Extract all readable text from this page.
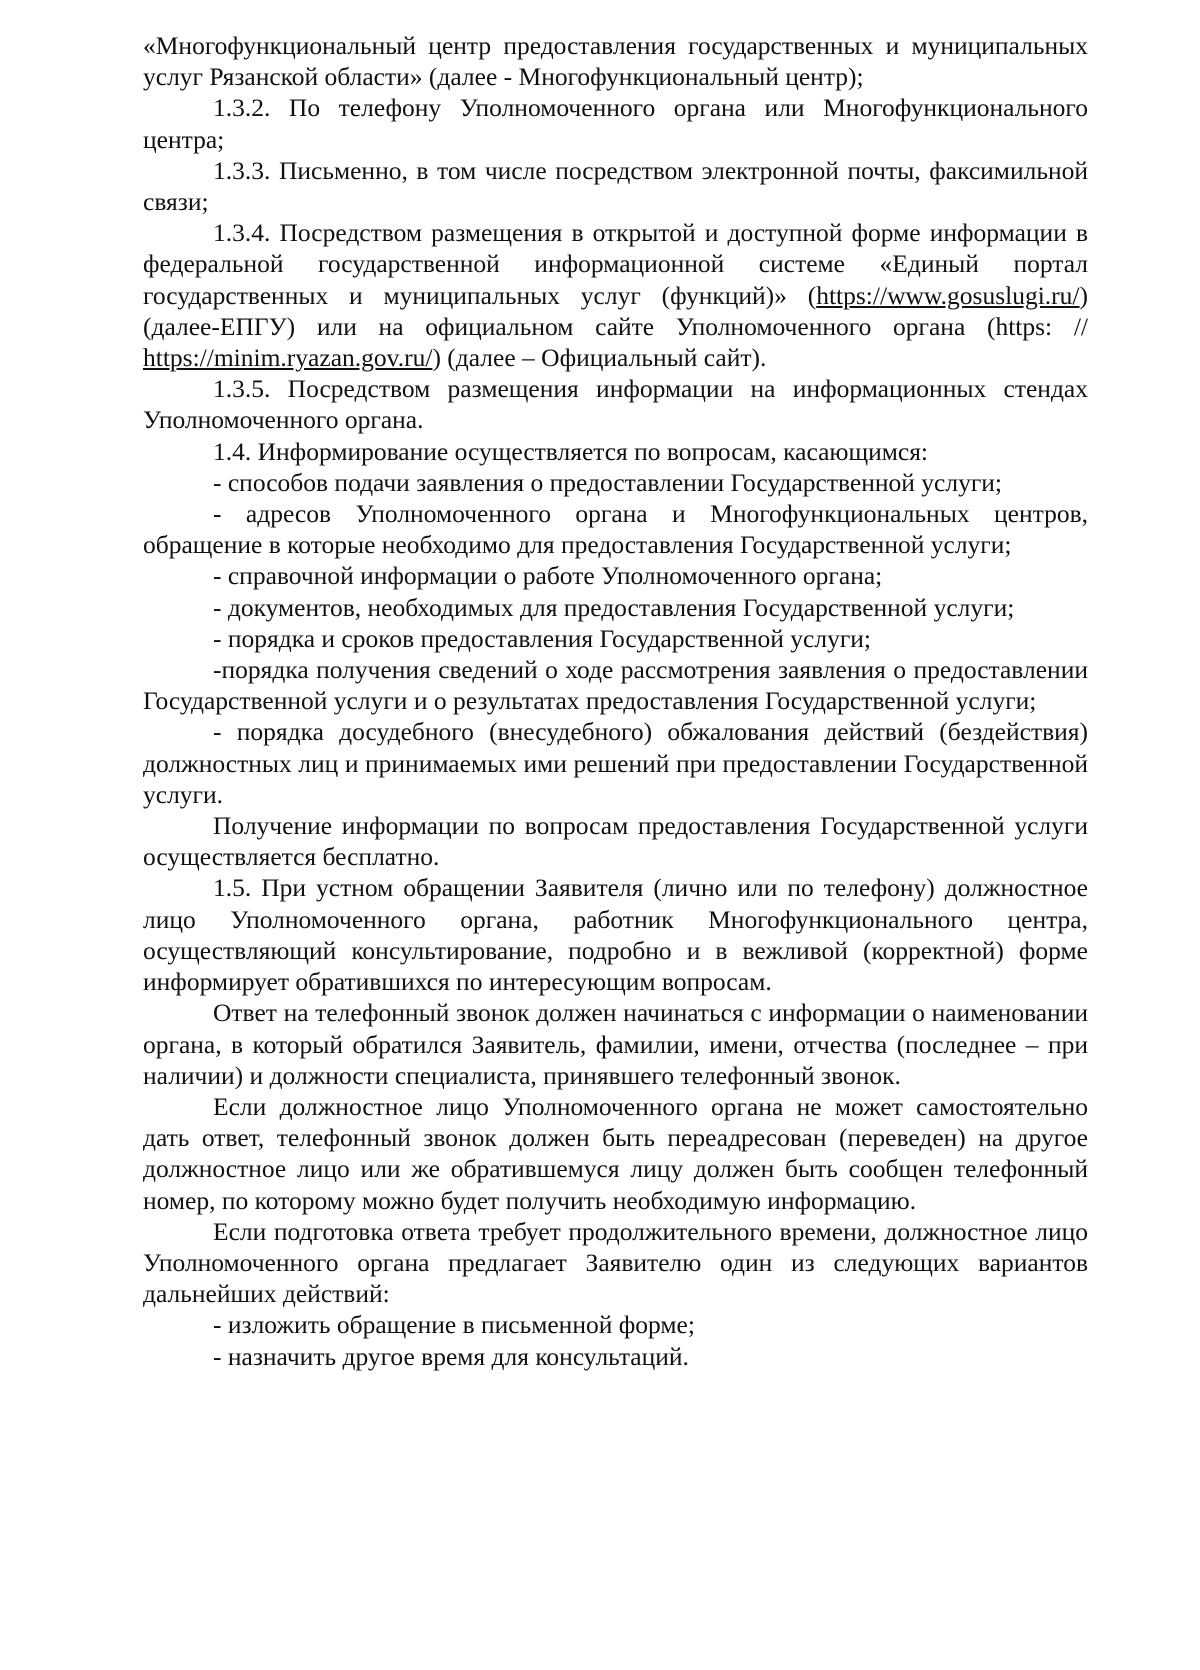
«Многофункциональный центр предоставления государственных и муниципальных услуг Рязанской области» (далее - Многофункциональный центр);

1.3.2. По телефону Уполномоченного органа или Многофункционального центра;

1.3.3. Письменно, в том числе посредством электронной почты, факсимильной связи;

1.3.4. Посредством размещения в открытой и доступной форме информации в федеральной государственной информационной системе «Единый портал государственных и муниципальных услуг (функций)» (https://www.gosuslugi.ru/) (далее-ЕПГУ) или на официальном сайте Уполномоченного органа (https: // https://minim.ryazan.gov.ru/) (далее – Официальный сайт).

1.3.5. Посредством размещения информации на информационных стендах Уполномоченного органа.

1.4. Информирование осуществляется по вопросам, касающимся:

- способов подачи заявления о предоставлении Государственной услуги;

- адресов Уполномоченного органа и Многофункциональных центров, обращение в которые необходимо для предоставления Государственной услуги;

- справочной информации о работе Уполномоченного органа;

- документов, необходимых для предоставления Государственной услуги;

- порядка и сроков предоставления Государственной услуги;

-порядка получения сведений о ходе рассмотрения заявления о предоставлении Государственной услуги и о результатах предоставления Государственной услуги;

- порядка досудебного (внесудебного) обжалования действий (бездействия) должностных лиц и принимаемых ими решений при предоставлении Государственной услуги.

Получение информации по вопросам предоставления Государственной услуги осуществляется бесплатно.

1.5. При устном обращении Заявителя (лично или по телефону) должностное лицо Уполномоченного органа, работник Многофункционального центра, осуществляющий консультирование, подробно и в вежливой (корректной) форме информирует обратившихся по интересующим вопросам.

Ответ на телефонный звонок должен начинаться с информации о наименовании органа, в который обратился Заявитель, фамилии, имени, отчества (последнее – при наличии) и должности специалиста, принявшего телефонный звонок.

Если должностное лицо Уполномоченного органа не может самостоятельно дать ответ, телефонный звонок должен быть переадресован (переведен) на другое должностное лицо или же обратившемуся лицу должен быть сообщен телефонный номер, по которому можно будет получить необходимую информацию.

Если подготовка ответа требует продолжительного времени, должностное лицо Уполномоченного органа предлагает Заявителю один из следующих вариантов дальнейших действий:

- изложить обращение в письменной форме;

- назначить другое время для консультаций.
